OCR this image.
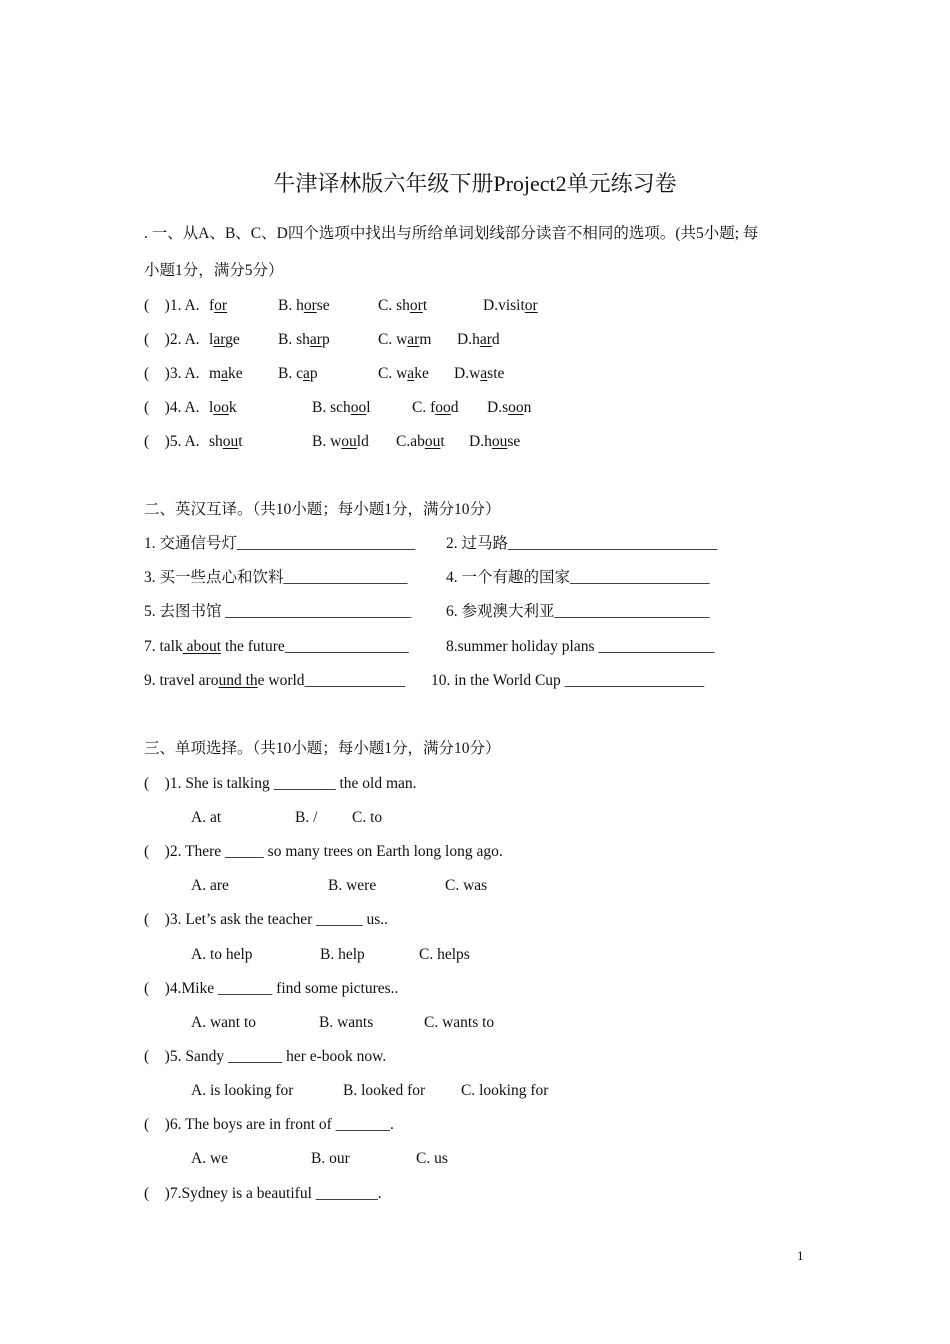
牛津译林版六年级下册Project2单元练习卷
. 一、从A、B、C、D四个选项中找出与所给单词划线部分读音不相同的选项。(共5小题; 每
小题1分，满分5分）
(    )1. A. for	B. horse	C. short	D.visitor
(    )2. A. large B. sharp	C. warm D.hard
(    )3. A. make B. cap	C. wake D.waste
(    )4. A. look	B. school	C. food D.soon
(    )5. A. shout	B. would C.about D.house
二、英汉互译。（共10小题；每小题1分，满分10分）
1. 交通信号灯_______________________ 2. 过马路___________________________
3. 买一些点心和饮料________________ 4. 一个有趣的国家__________________
5. 去图书馆 ________________________ 6. 参观澳大利亚____________________
7. talk about the future________________ 8.summer holiday plans _______________
9. travel around the world_____________ 10. in the World Cup __________________
三、单项选择。（共10小题；每小题1分，满分10分）
(    )1. She is talking ________ the old man.
A. at	B. / C. to
(    )2. There _____ so many trees on Earth long long ago.
A. are	B. were	C. was
(    )3. Let’s ask the teacher ______ us..
A. to help	B. help	C. helps
(    )4.Mike _______ find some pictures..
A. want to	B. wants	C. wants to
(    )5. Sandy _______ her e-book now.
A. is looking for	B. looked for C. looking for
(    )6. The boys are in front of _______.
A. we	B. our	C. us
(    )7.Sydney is a beautiful ________.
1
